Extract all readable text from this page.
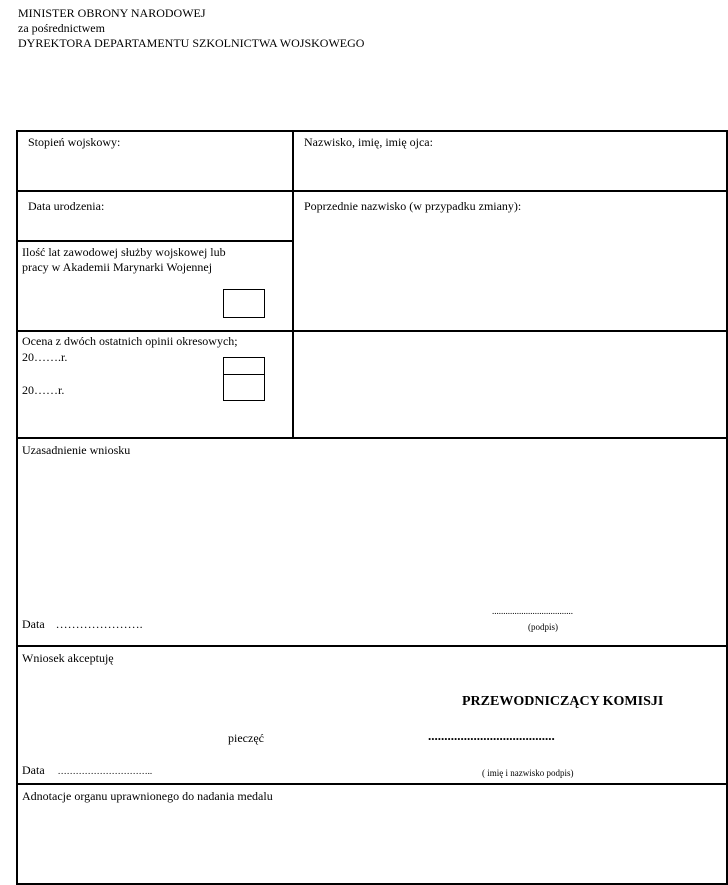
MINISTER OBRONY NARODOWEJ
za pośrednictwem
DYREKTORA DEPARTAMENTU SZKOLNICTWA WOJSKOWEGO
Stopień wojskowy:	Nazwisko, imię, imię ojca:
Data urodzenia:	Poprzednie nazwisko (w przypadku zmiany):
Ilość lat zawodowej służby wojskowej lub
pracy w Akademii Marynarki Wojennej
Ocena z dwóch ostatnich opinii okresowych;
20…….r.
20……r.
Uzasadnienie wniosku
Data ………………….
....................................
(podpis)
Wniosek akceptuję
PRZEWODNICZĄCY KOMISJI
pieczęć	.......................................
Data …………………………..	( imię i nazwisko podpis)
Adnotacje organu uprawnionego do nadania medalu
